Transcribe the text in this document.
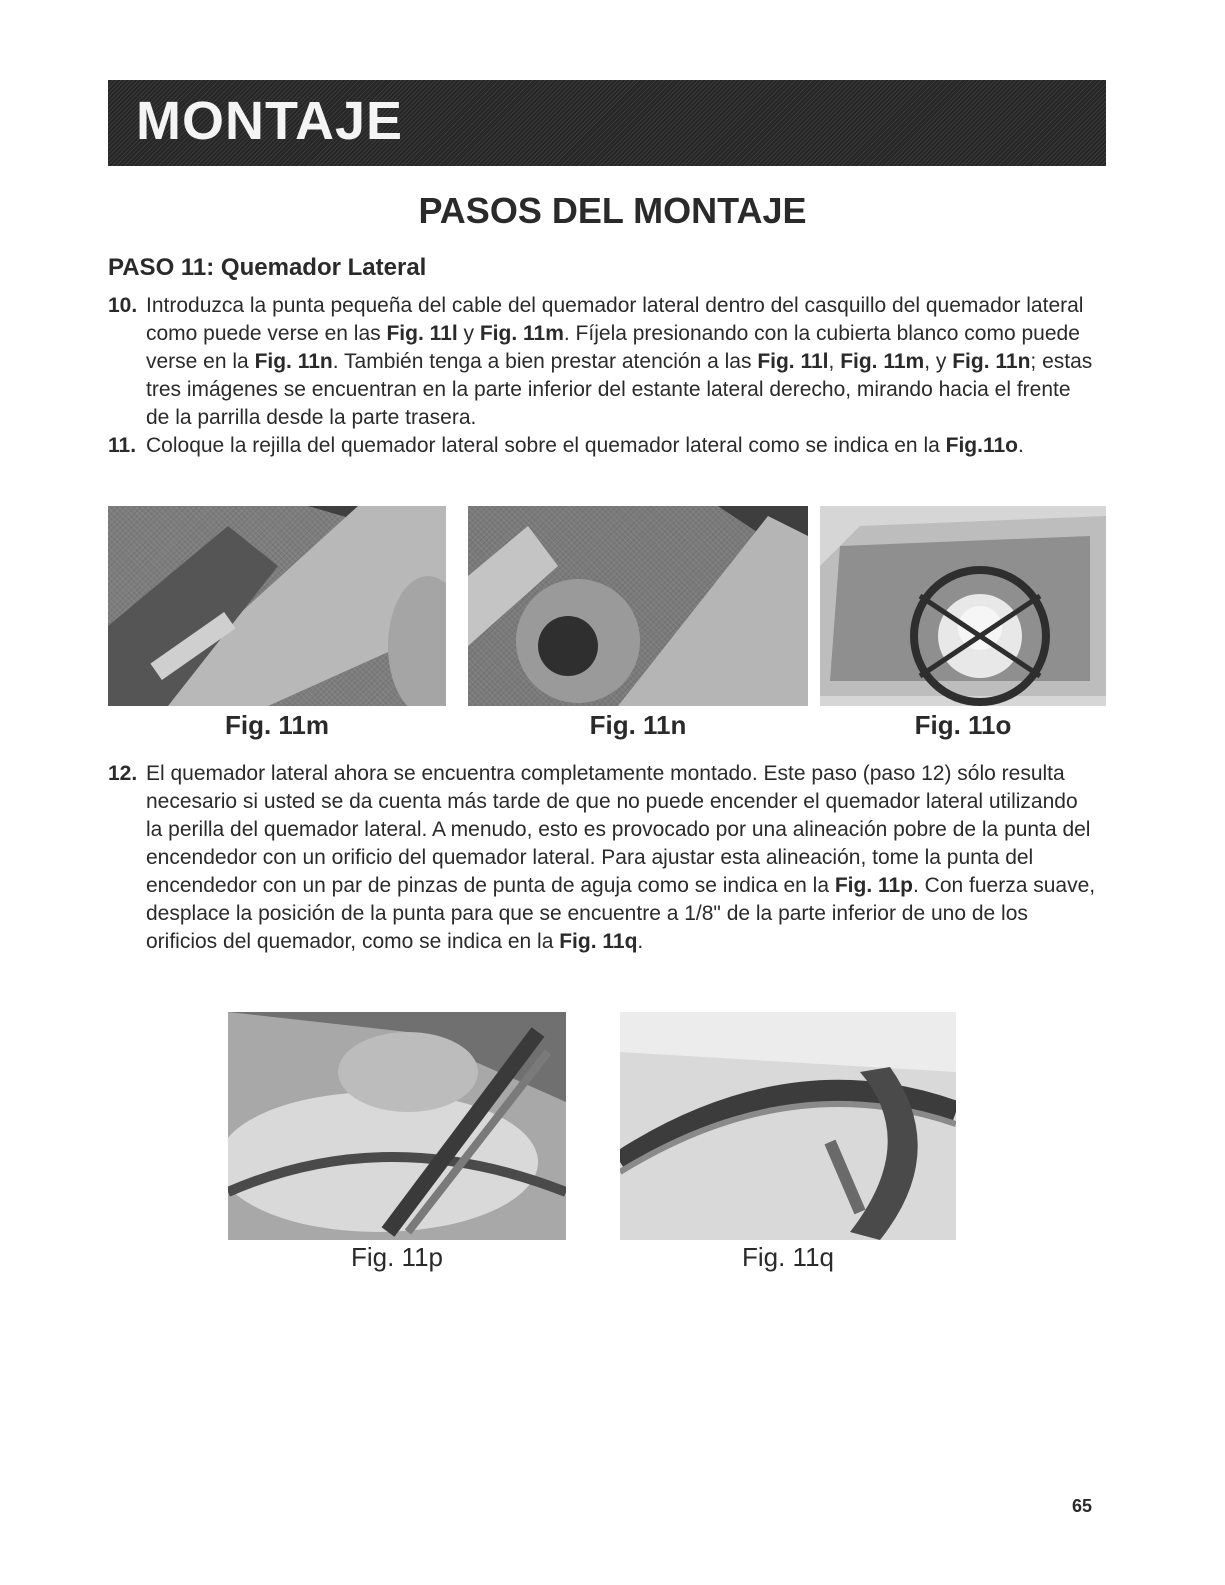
MONTAJE
PASOS DEL MONTAJE
PASO 11: Quemador Lateral
10. Introduzca la punta pequeña del cable del quemador lateral dentro del casquillo del quemador lateral como puede verse en las Fig. 11l y Fig. 11m. Fíjela presionando con la cubierta blanco como puede verse en la Fig. 11n. También tenga a bien prestar atención a las Fig. 11l, Fig. 11m, y Fig. 11n; estas tres imágenes se encuentran en la parte inferior del estante lateral derecho, mirando hacia el frente de la parrilla desde la parte trasera.
11. Coloque la rejilla del quemador lateral sobre el quemador lateral como se indica en la Fig.11o.
Fig. 11m	Fig. 11n	Fig. 11o
12. El quemador lateral ahora se encuentra completamente montado. Este paso (paso 12) sólo resulta necesario si usted se da cuenta más tarde de que no puede encender el quemador lateral utilizando la perilla del quemador lateral. A menudo, esto es provocado por una alineación pobre de la punta del encendedor con un orificio del quemador lateral. Para ajustar esta alineación, tome la punta del encendedor con un par de pinzas de punta de aguja como se indica en la Fig. 11p. Con fuerza suave, desplace la posición de la punta para que se encuentre a 1/8" de la parte inferior de uno de los orificios del quemador, como se indica en la Fig. 11q.
Fig. 11p	Fig. 11q
65
